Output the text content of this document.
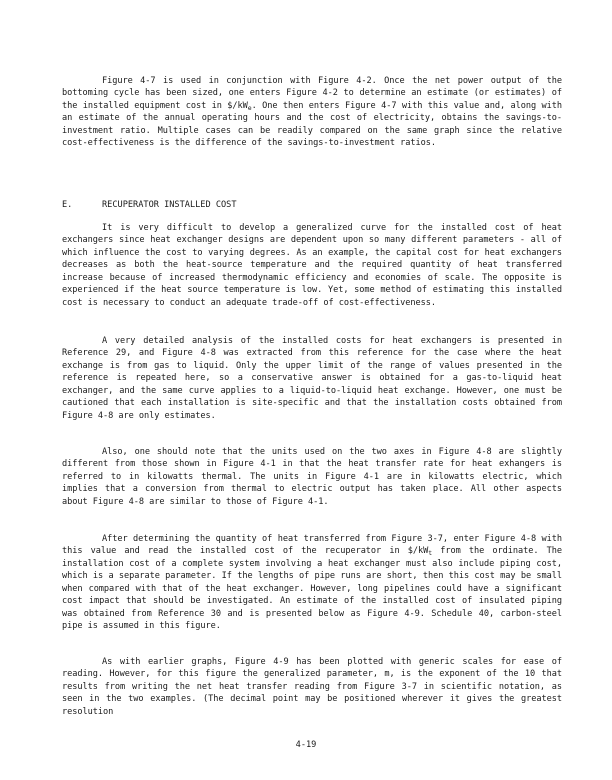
Figure 4-7 is used in conjunction with Figure 4-2. Once the net power output of the bottoming cycle has been sized, one enters Figure 4-2 to determine an estimate (or estimates) of the installed equipment cost in $\$/kW_e$. One then enters Figure 4-7 with this value and, along with an estimate of the annual operating hours and the cost of electricity, obtains the savings-to-investment ratio. Multiple cases can be readily compared on the same graph since the relative cost-effectiveness is the difference of the savings-to-investment ratios.

E.	RECUPERATOR INSTALLED COST

It is very difficult to develop a generalized curve for the installed cost of heat exchangers since heat exchanger designs are dependent upon so many different parameters - all of which influence the cost to varying degrees. As an example, the capital cost for heat exchangers decreases as both the heat-source temperature and the required quantity of heat transferred increase because of increased thermodynamic efficiency and economies of scale. The opposite is experienced if the heat source temperature is low. Yet, some method of estimating this installed cost is necessary to conduct an adequate trade-off of cost-effectiveness.

A very detailed analysis of the installed costs for heat exchangers is presented in Reference 29, and Figure 4-8 was extracted from this reference for the case where the heat exchange is from gas to liquid. Only the upper limit of the range of values presented in the reference is repeated here, so a conservative answer is obtained for a gas-to-liquid heat exchanger, and the same curve applies to a liquid-to-liquid heat exchange. However, one must be cautioned that each installation is site-specific and that the installation costs obtained from Figure 4-8 are only estimates.

Also, one should note that the units used on the two axes in Figure 4-8 are slightly different from those shown in Figure 4-1 in that the heat transfer rate for heat exhangers is referred to in kilowatts thermal. The units in Figure 4-1 are in kilowatts electric, which implies that a conversion from thermal to electric output has taken place. All other aspects about Figure 4-8 are similar to those of Figure 4-1.

After determining the quantity of heat transferred from Figure 3-7, enter Figure 4-8 with this value and read the installed cost of the recuperator in $\$/kW_t$ from the ordinate. The installation cost of a complete system involving a heat exchanger must also include piping cost, which is a separate parameter. If the lengths of pipe runs are short, then this cost may be small when compared with that of the heat exchanger. However, long pipelines could have a significant cost impact that should be investigated. An estimate of the installed cost of insulated piping was obtained from Reference 30 and is presented below as Figure 4-9. Schedule 40, carbon-steel pipe is assumed in this figure.

As with earlier graphs, Figure 4-9 has been plotted with generic scales for ease of reading. However, for this figure the generalized parameter, m, is the exponent of the 10 that results from writing the net heat transfer reading from Figure 3-7 in scientific notation, as seen in the two examples. (The decimal point may be positioned wherever it gives the greatest resolution

4-19
